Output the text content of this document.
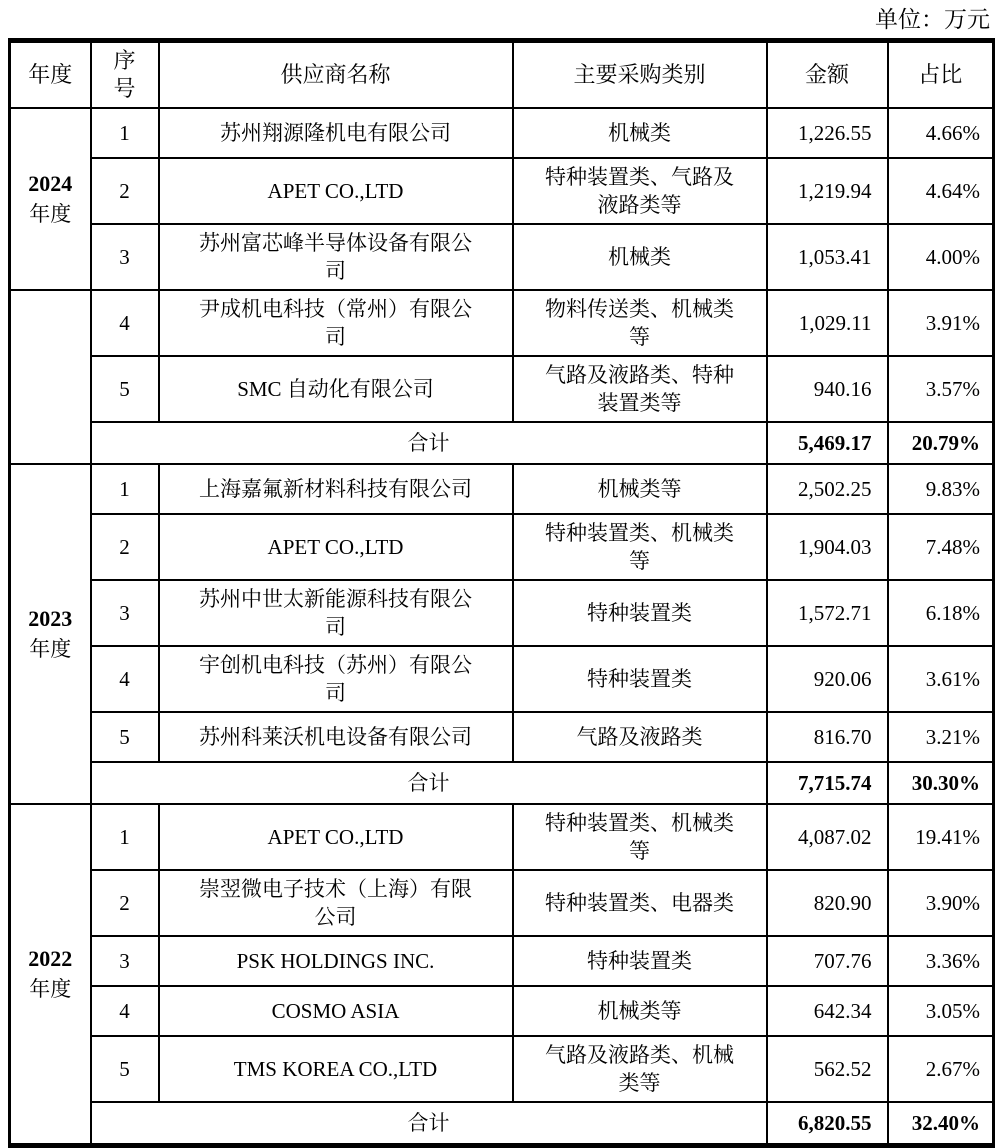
单位：万元
年度	序号	供应商名称	主要采购类别	金额	占比

2024
年度	1	苏州翔源隆机电有限公司	机械类	1,226.55	4.66%
	2	APET CO.,LTD	特种装置类、气路及液路类等	1,219.94	4.64%
	3	苏州富芯峰半导体设备有限公司	机械类	1,053.41	4.00%
	4	尹成机电科技（常州）有限公司	物料传送类、机械类等	1,029.11	3.91%
	5	SMC 自动化有限公司	气路及液路类、特种装置类等	940.16	3.57%
	合计			5,469.17	20.79%

2023
年度	1	上海嘉氟新材料科技有限公司	机械类等	2,502.25	9.83%
	2	APET CO.,LTD	特种装置类、机械类等	1,904.03	7.48%
	3	苏州中世太新能源科技有限公司	特种装置类	1,572.71	6.18%
	4	宇创机电科技（苏州）有限公司	特种装置类	920.06	3.61%
	5	苏州科莱沃机电设备有限公司	气路及液路类	816.70	3.21%
	合计			7,715.74	30.30%

2022
年度	1	APET CO.,LTD	特种装置类、机械类等	4,087.02	19.41%
	2	崇翌微电子技术（上海）有限公司	特种装置类、电器类	820.90	3.90%
	3	PSK HOLDINGS INC.	特种装置类	707.76	3.36%
	4	COSMO ASIA	机械类等	642.34	3.05%
	5	TMS KOREA CO.,LTD	气路及液路类、机械类等	562.52	2.67%
	合计			6,820.55	32.40%
